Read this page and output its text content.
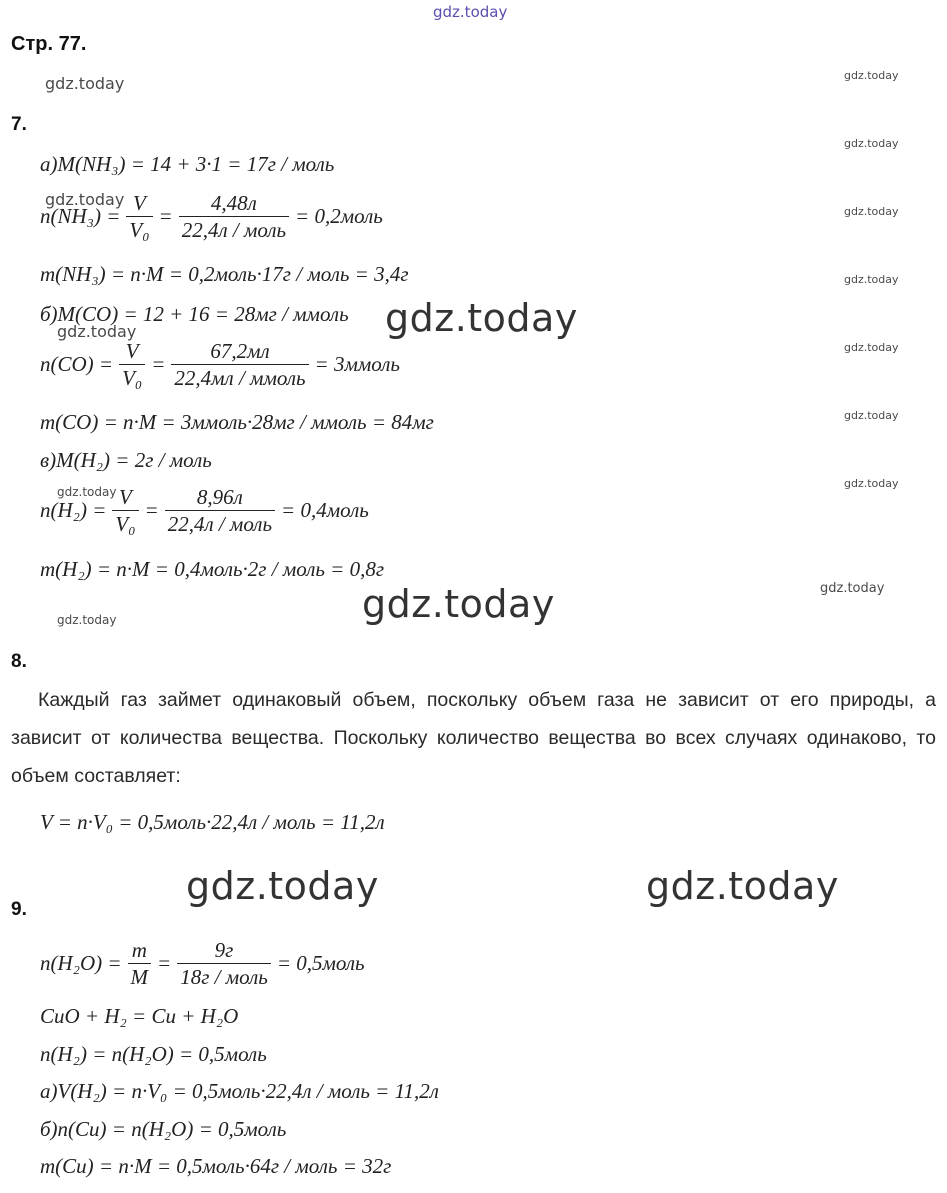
gdz.today
gdz.today	gdz.today
gdz.today
gdz.today
gdz.today
gdz.today
gdz.today
gdz.today
gdz.today
gdz.today
gdz.today
gdz.today
gdz.today
gdz.today
gdz.today
gdz.today	gdz.today
Стр. 77.
7.
а)M(NH₃) = 14 + 3·1 = 17г / моль
$n(NH_3) = \frac{V}{\text{V₀}} = \frac{4,48л}{\text{22,4л / моль}}$ = 0,2моль
m(NH₃) = n·M = 0,2моль·17г / моль = 3,4г
б)M(CO) = 12 + 16 = 28мг / ммоль
$n(CO) = \frac{V}{\text{V₀}} = \frac{67,2мл}{\text{22,4мл / ммоль}}$ = 3ммоль
m(CO) = n·M = 3ммоль·28мг / ммоль = 84мг
в)M(H₂) = 2г / моль
$n(H_2) = \frac{V}{\text{V₀}} = \frac{8,96л}{\text{22,4л / моль}}$ = 0,4моль
m(H₂) = n·M = 0,4моль·2г / моль = 0,8г
8.
Каждый газ займет одинаковый объем, поскольку объем газа не зависит от его природы, а зависит от количества вещества. Поскольку количество вещества во всех случаях одинаково, то объем составляет:
V = n·V₀ = 0,5моль·22,4л / моль = 11,2л
9.
$n(H_2O) = \frac{m}{M} = \frac{9г}{\text{18г / моль}}$ = 0,5моль
CuO + H₂ = Cu + H₂O
n(H₂) = n(H₂O) = 0,5моль
а)V(H₂) = n·V₀ = 0,5моль·22,4л / моль = 11,2л
б)n(Cu) = n(H₂O) = 0,5моль
m(Cu) = n·M = 0,5моль·64г / моль = 32г
